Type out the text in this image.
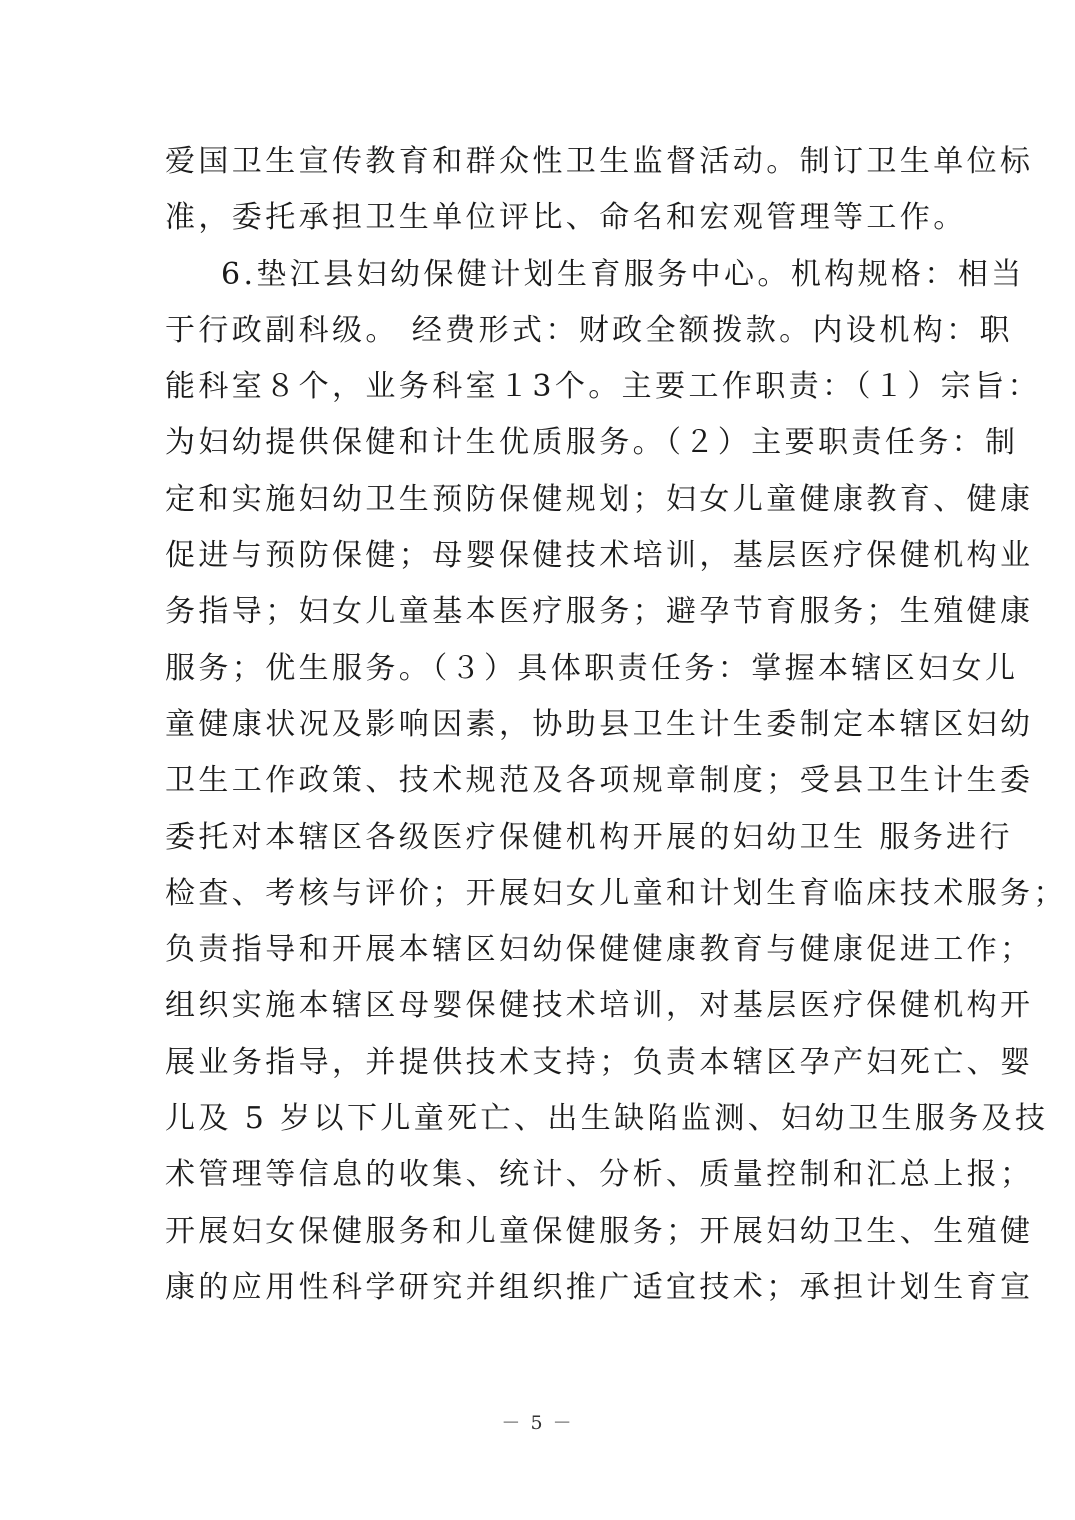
爱国卫生宣传教育和群众性卫生监督活动。制订卫生单位标
准，委托承担卫生单位评比、命名和宏观管理等工作。
6.垫江县妇幼保健计划生育服务中心。机构规格：相当
于行政副科级。 经费形式：财政全额拨款。内设机构：职
能科室８个，业务科室１3个。主要工作职责：（１）宗旨：
为妇幼提供保健和计生优质服务。（２）主要职责任务：制
定和实施妇幼卫生预防保健规划；妇女儿童健康教育、健康
促进与预防保健；母婴保健技术培训，基层医疗保健机构业
务指导；妇女儿童基本医疗服务；避孕节育服务；生殖健康
服务；优生服务。（３）具体职责任务：掌握本辖区妇女儿
童健康状况及影响因素，协助县卫生计生委制定本辖区妇幼
卫生工作政策、技术规范及各项规章制度；受县卫生计生委
委托对本辖区各级医疗保健机构开展的妇幼卫生 服务进行
检查、考核与评价；开展妇女儿童和计划生育临床技术服务；
负责指导和开展本辖区妇幼保健健康教育与健康促进工作；
组织实施本辖区母婴保健技术培训，对基层医疗保健机构开
展业务指导，并提供技术支持；负责本辖区孕产妇死亡、婴
儿及 5 岁以下儿童死亡、出生缺陷监测、妇幼卫生服务及技
术管理等信息的收集、统计、分析、质量控制和汇总上报；
开展妇女保健服务和儿童保健服务；开展妇幼卫生、生殖健
康的应用性科学研究并组织推广适宜技术；承担计划生育宣
－ 5 －
